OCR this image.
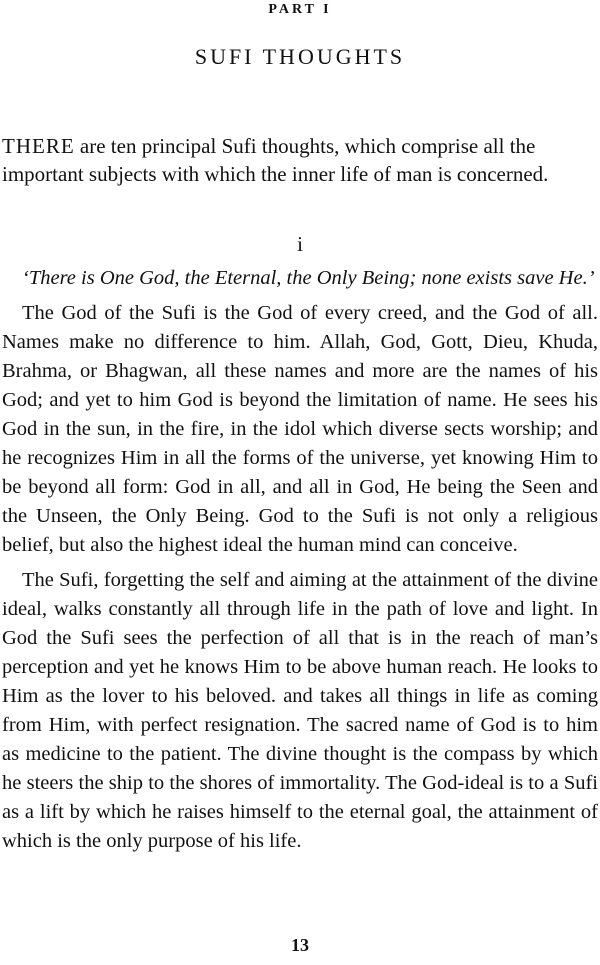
PART I
SUFI THOUGHTS
THERE are ten principal Sufi thoughts, which comprise all the important subjects with which the inner life of man is concerned.
i

‘There is One God, the Eternal, the Only Being; none exists save He.’

The God of the Sufi is the God of every creed, and the God of all. Names make no difference to him. Allah, God, Gott, Dieu, Khuda, Brahma, or Bhagwan, all these names and more are the names of his God; and yet to him God is beyond the limitation of name. He sees his God in the sun, in the fire, in the idol which diverse sects worship; and he recognizes Him in all the forms of the universe, yet knowing Him to be beyond all form: God in all, and all in God, He being the Seen and the Unseen, the Only Being. God to the Sufi is not only a religious belief, but also the highest ideal the human mind can conceive.

The Sufi, forgetting the self and aiming at the attainment of the divine ideal, walks constantly all through life in the path of love and light. In God the Sufi sees the perfection of all that is in the reach of man’s perception and yet he knows Him to be above human reach. He looks to Him as the lover to his beloved. and takes all things in life as coming from Him, with perfect resignation. The sacred name of God is to him as medicine to the patient. The divine thought is the compass by which he steers the ship to the shores of immortality. The God-ideal is to a Sufi as a lift by which he raises himself to the eternal goal, the attainment of which is the only purpose of his life.

13
